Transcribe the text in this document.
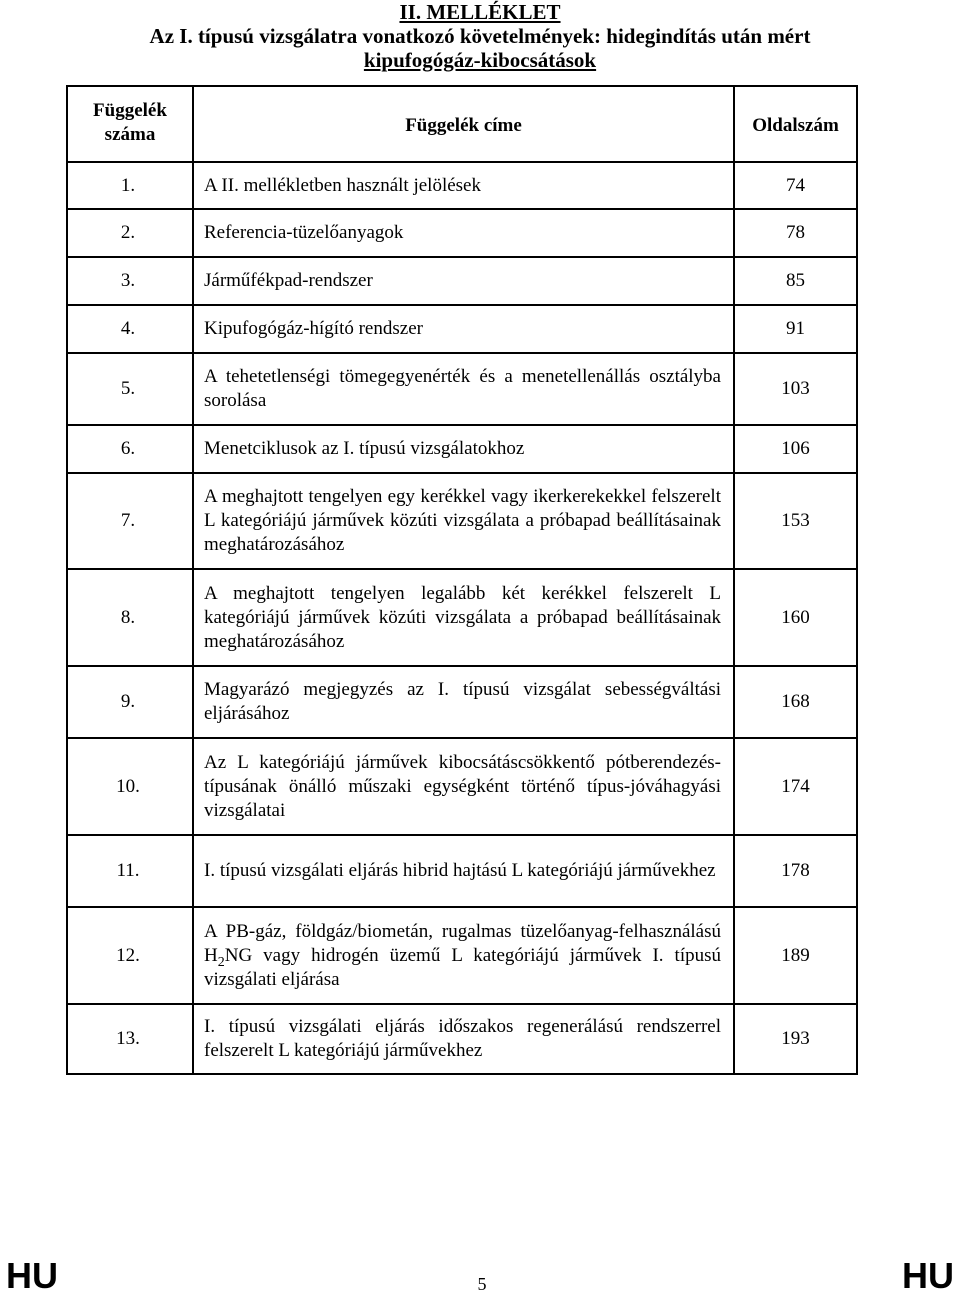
II. MELLÉKLET
Az I. típusú vizsgálatra vonatkozó követelmények: hidegindítás után mért
kipufogógáz-kibocsátások
Függelék száma	Függelék címe	Oldalszám
1.	A II. mellékletben használt jelölések	74
2.	Referencia-tüzelőanyagok	78
3.	Járműfékpad-rendszer	85
4.	Kipufogógáz-hígító rendszer	91
5.	A tehetetlenségi tömegegyenérték és a menetellenállás osztályba sorolása	103
6.	Menetciklusok az I. típusú vizsgálatokhoz	106
7.	A meghajtott tengelyen egy kerékkel vagy ikerkerekekkel felszerelt L kategóriájú járművek közúti vizsgálata a próbapad beállításainak meghatározásához	153
8.	A meghajtott tengelyen legalább két kerékkel felszerelt L kategóriájú járművek közúti vizsgálata a próbapad beállításainak meghatározásához	160
9.	Magyarázó megjegyzés az I. típusú vizsgálat sebességváltási eljárásához	168
10.	Az L kategóriájú járművek kibocsátáscsökkentő pótberendezés-típusának önálló műszaki egységként történő típus-jóváhagyási vizsgálatai	174
11.	I. típusú vizsgálati eljárás hibrid hajtású L kategóriájú járművekhez	178
12.	A PB-gáz, földgáz/biometán, rugalmas tüzelőanyag-felhasználású $H_2NG$ vagy hidrogén üzemű L kategóriájú járművek I. típusú vizsgálati eljárása	189
13.	I. típusú vizsgálati eljárás időszakos regenerálású rendszerrel felszerelt L kategóriájú járművekhez	193
HU	5	HU
